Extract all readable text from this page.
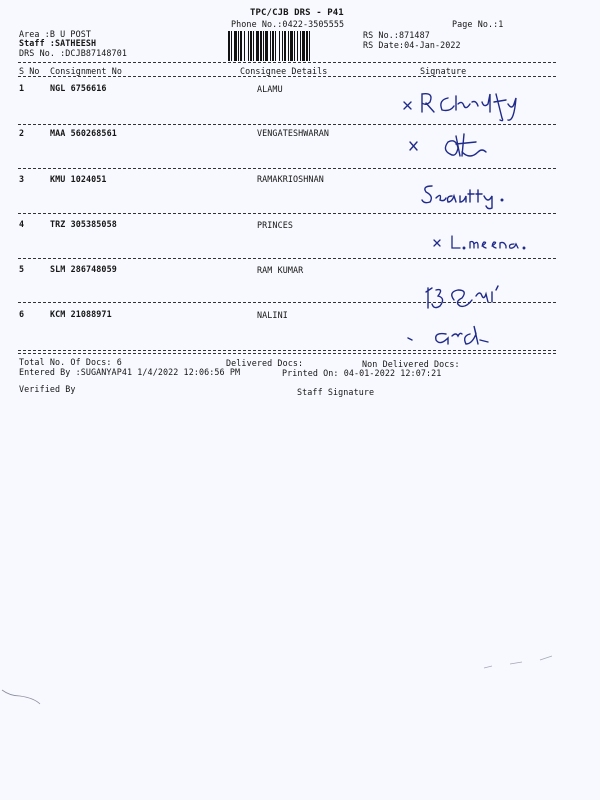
TPC/CJB DRS - P41
Phone No.:0422-3505555	Page No.:1
Area :B U POST
Staff :SATHEESH
DRS No. :DCJB87148701
RS No.:871487
RS Date:04-Jan-2022
S No Consignment No	Consignee Details	Signature
1	NGL 6756616	ALAMU
2	MAA 560268561	VENGATESHWARAN
3	KMU 1024051	RAMAKRIOSHNAN
4	TRZ 305385058	PRINCES
5	SLM 286748059	RAM KUMAR
6	KCM 21088971	NALINI
Total No. Of Docs: 6	Delivered Docs:	Non Delivered Docs:
Entered By :SUGANYAP41 1/4/2022 12:06:56 PM	Printed On: 04-01-2022 12:07:21
Verified By	Staff Signature
